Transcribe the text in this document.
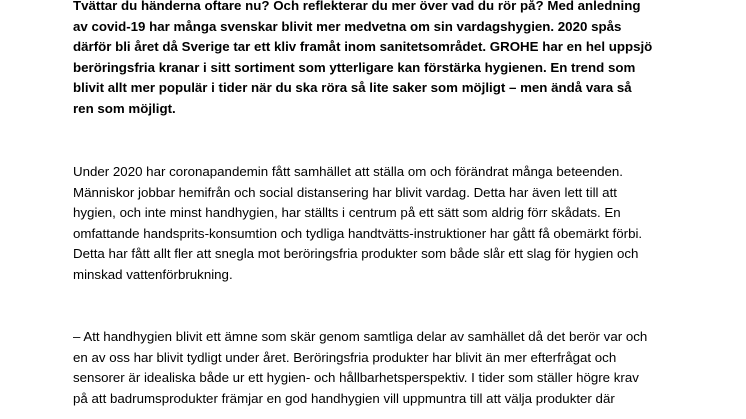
Tvättar du händerna oftare nu? Och reflekterar du mer över vad du rör på? Med anledning
av covid-19 har många svenskar blivit mer medvetna om sin vardagshygien. 2020 spås
därför bli året då Sverige tar ett kliv framåt inom sanitetsområdet. GROHE har en hel uppsjö
beröringsfria kranar i sitt sortiment som ytterligare kan förstärka hygienen. En trend som
blivit allt mer populär i tider när du ska röra så lite saker som möjligt – men ändå vara så
ren som möjligt.

Under 2020 har coronapandemin fått samhället att ställa om och förändrat många beteenden.
Människor jobbar hemifrån och social distansering har blivit vardag. Detta har även lett till att
hygien, och inte minst handhygien, har ställts i centrum på ett sätt som aldrig förr skådats. En
omfattande handsprits-konsumtion och tydliga handtvätts-instruktioner har gått få obemärkt förbi.
Detta har fått allt fler att snegla mot beröringsfria produkter som både slår ett slag för hygien och
minskad vattenförbrukning.

– Att handhygien blivit ett ämne som skär genom samtliga delar av samhället då det berör var och
en av oss har blivit tydligt under året. Beröringsfria produkter har blivit än mer efterfrågat och
sensorer är idealiska både ur ett hygien- och hållbarhetsperspektiv. I tider som ställer högre krav
på att badrumsprodukter främjar en god handhygien vill uppmuntra till att välja produkter där
